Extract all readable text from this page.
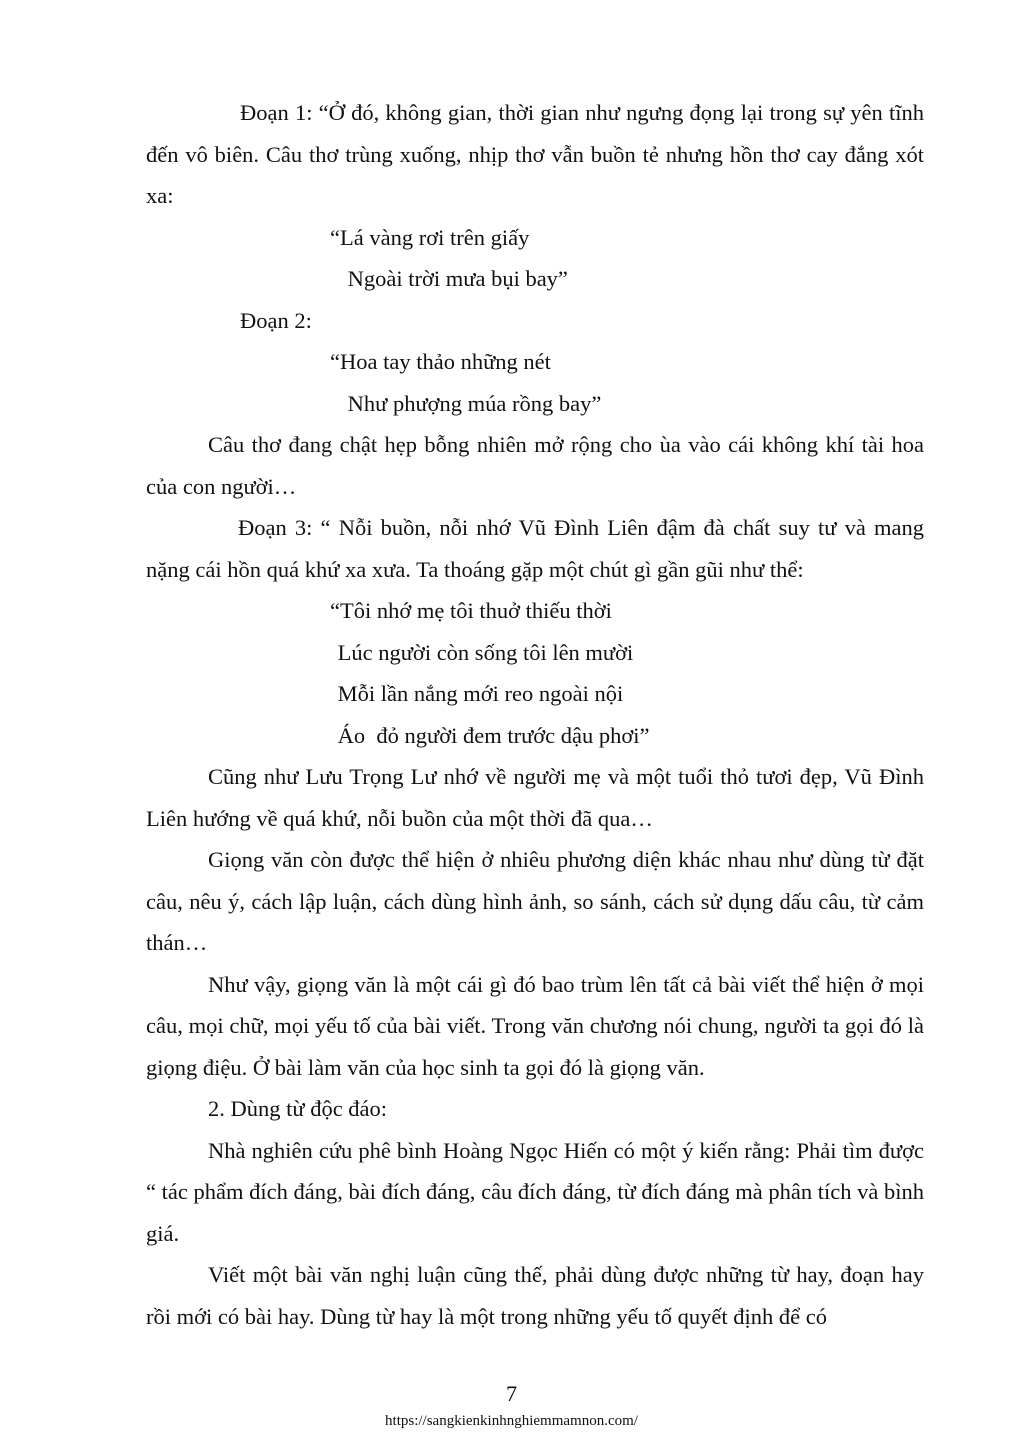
Đoạn 1: “Ở đó, không gian, thời gian như ngưng đọng lại trong sự yên tĩnh đến vô biên. Câu thơ trùng xuống, nhịp thơ vẫn buồn tẻ nhưng hồn thơ cay đắng xót xa:

“Lá vàng rơi trên giấy

Ngoài trời mưa bụi bay”

Đoạn 2:

“Hoa tay thảo những nét

Như phượng múa rồng bay”

Câu thơ đang chật hẹp bỗng nhiên mở rộng cho ùa vào cái không khí tài hoa của con người…

Đoạn 3: “ Nỗi buồn, nỗi nhớ Vũ Đình Liên đậm đà chất suy tư và mang nặng cái hồn quá khứ xa xưa. Ta thoáng gặp một chút gì gần gũi như thể:

“Tôi nhớ mẹ tôi thuở thiếu thời

Lúc người còn sống tôi lên mười

Mỗi lần nắng mới reo ngoài nội

Áo  đỏ người đem trước dậu phơi”

Cũng như Lưu Trọng Lư nhớ về người mẹ và một tuổi thỏ tươi đẹp, Vũ Đình Liên hướng về quá khứ, nỗi buồn của một thời đã qua…

Giọng văn còn được thể hiện ở nhiêu phương diện khác nhau như dùng từ đặt câu, nêu ý, cách lập luận, cách dùng hình ảnh, so sánh, cách sử dụng dấu câu, từ cảm thán…

Như vậy, giọng văn là một cái gì đó bao trùm lên tất cả bài viết thể hiện ở mọi câu, mọi chữ, mọi yếu tố của bài viết. Trong văn chương nói chung, người ta gọi đó là giọng điệu. Ở bài làm văn của học sinh ta gọi đó là giọng văn.

2. Dùng từ độc đáo:

Nhà nghiên cứu phê bình Hoàng Ngọc Hiến có một ý kiến rằng: Phải tìm được “ tác phẩm đích đáng, bài đích đáng, câu đích đáng, từ đích đáng mà phân tích và bình giá.

Viết một bài văn nghị luận cũng thế, phải dùng được những từ hay, đoạn hay rồi mới có bài hay. Dùng từ hay là một trong những yếu tố quyết định để có

7
https://sangkienkinhnghiemmamnon.com/
